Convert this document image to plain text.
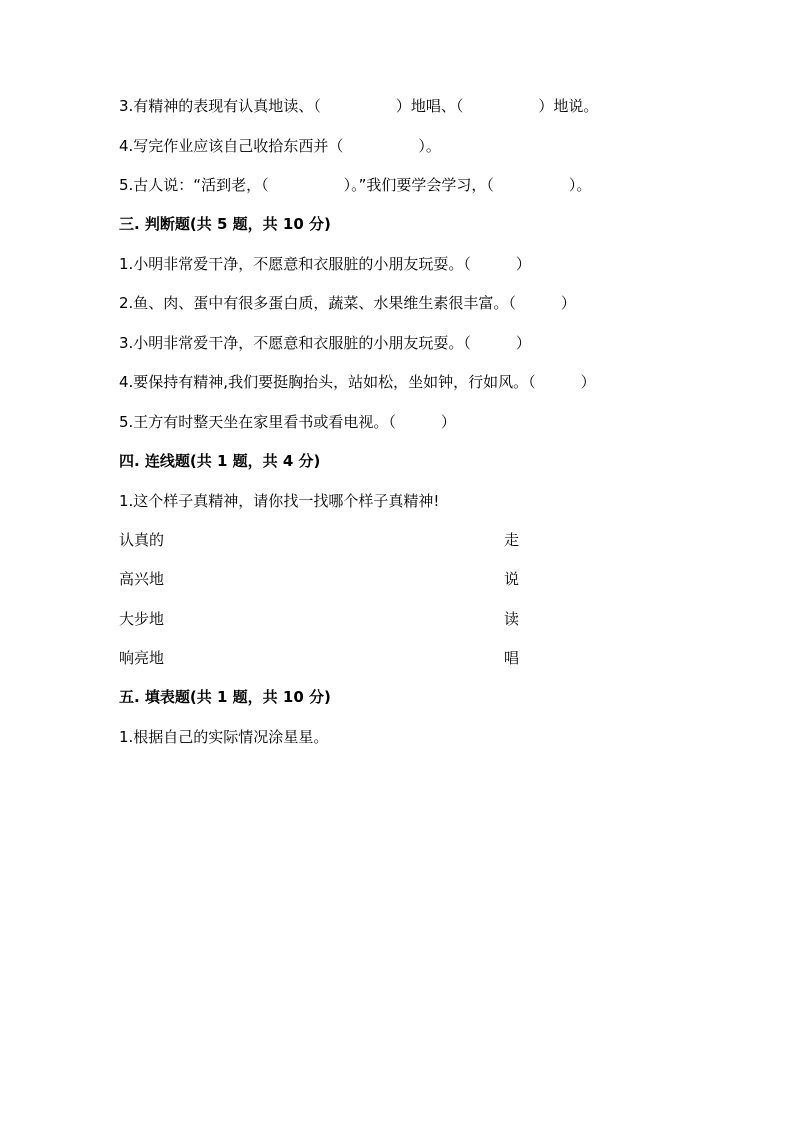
3.有精神的表现有认真地读、（　　　　　）地唱、（　　　　　）地说。
4.写完作业应该自己收拾东西并（　　　　　）。
5.古人说：“活到老，（　　　　　）。”我们要学会学习，（　　　　　）。
三. 判断题(共 5 题，共 10 分)
1.小明非常爱干净，不愿意和衣服脏的小朋友玩耍。（　　　）
2.鱼、肉、蛋中有很多蛋白质，蔬菜、水果维生素很丰富。（　　　）
3.小明非常爱干净，不愿意和衣服脏的小朋友玩耍。（　　　）
4.要保持有精神,我们要挺胸抬头，站如松，坐如钟，行如风。（　　　）
5.王方有时整天坐在家里看书或看电视。（　　　）
四. 连线题(共 1 题，共 4 分)
1.这个样子真精神，请你找一找哪个样子真精神!
认真的	走
高兴地	说
大步地	读
响亮地	唱
五. 填表题(共 1 题，共 10 分)
1.根据自己的实际情况涂星星。
